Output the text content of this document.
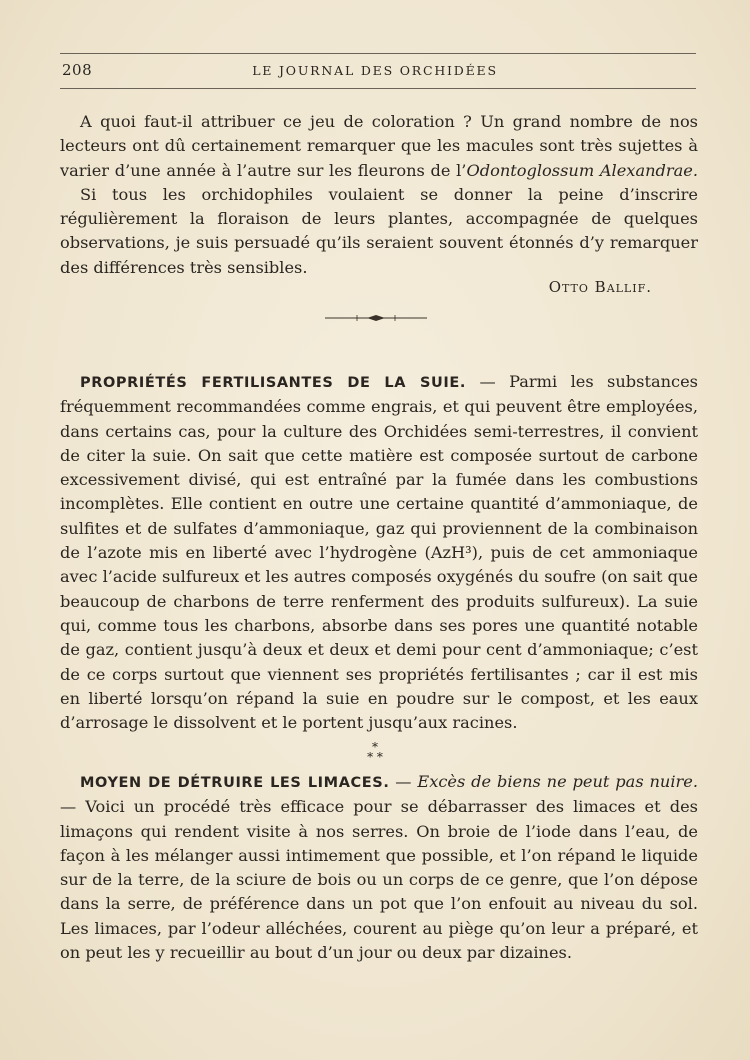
208	LE JOURNAL DES ORCHIDÉES

A quoi faut-il attribuer ce jeu de coloration ? Un grand nombre de nos lecteurs ont dû certainement remarquer que les macules sont très sujettes à varier d’une année à l’autre sur les fleurons de l’Odontoglossum Alexandrae.

Si tous les orchidophiles voulaient se donner la peine d’inscrire régulièrement la floraison de leurs plantes, accompagnée de quelques observations, je suis persuadé qu’ils seraient souvent étonnés d’y remarquer des différences très sensibles.

Otto Ballif.

PROPRIÉTÉS FERTILISANTES DE LA SUIE. — Parmi les substances fréquemment recommandées comme engrais, et qui peuvent être employées, dans certains cas, pour la culture des Orchidées semi-terrestres, il convient de citer la suie. On sait que cette matière est composée surtout de carbone excessivement divisé, qui est entraîné par la fumée dans les combustions incomplètes. Elle contient en outre une certaine quantité d’ammoniaque, de sulfites et de sulfates d’ammoniaque, gaz qui proviennent de la combinaison de l’azote mis en liberté avec l’hydrogène (AzH³), puis de cet ammoniaque avec l’acide sulfureux et les autres composés oxygénés du soufre (on sait que beaucoup de charbons de terre renferment des produits sulfureux). La suie qui, comme tous les charbons, absorbe dans ses pores une quantité notable de gaz, contient jusqu’à deux et deux et demi pour cent d’ammoniaque; c’est de ce corps surtout que viennent ses propriétés fertilisantes ; car il est mis en liberté lorsqu’on répand la suie en poudre sur le compost, et les eaux d’arrosage le dissolvent et le portent jusqu’aux racines.

*
* *

MOYEN DE DÉTRUIRE LES LIMACES. — Excès de biens ne peut pas nuire. — Voici un procédé très efficace pour se débarrasser des limaces et des limaçons qui rendent visite à nos serres. On broie de l’iode dans l’eau, de façon à les mélanger aussi intimement que possible, et l’on répand le liquide sur de la terre, de la sciure de bois ou un corps de ce genre, que l’on dépose dans la serre, de préférence dans un pot que l’on enfouit au niveau du sol. Les limaces, par l’odeur alléchées, courent au piège qu’on leur a préparé, et on peut les y recueillir au bout d’un jour ou deux par dizaines.
